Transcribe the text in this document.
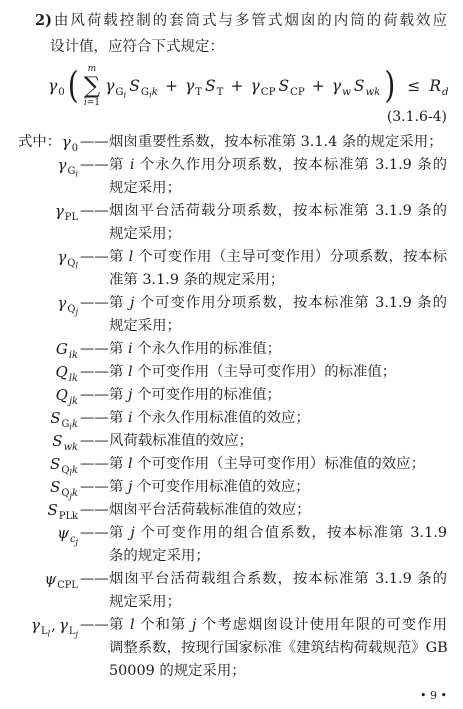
2)由风荷载控制的套筒式与多管式烟囱的内筒的荷载效应
设计值，应符合下式规定：
$\gamma_0$ ( m
∑
i=1
$\gamma_{G_i}$ $S_{G_ik} + \gamma_T$ $S_T + \gamma_{CP}$ $S_{CP} + \gamma_w$ $S_{wk}$ ) ≤ $R_d$
(3.1.6-4)
式中： $\gamma_0$ —— 烟囱重要性系数，按本标准第 3.1.4 条的规定采用；
$\gamma_{G_i}$
—— 第 i 个永久作用分项系数，按本标准第 3.1.9 条的
规定采用；
$\gamma_{PL}$ —— 烟囱平台活荷载分项系数，按本标准第 3.1.9 条的
规定采用；
$\gamma_{Q_l}$
—— 第 l 个可变作用（主导可变作用）分项系数，按本标
准第 3.1.9 条的规定采用；
$\gamma_{Q_j}$
—— 第 j 个可变作用分项系数，按本标准第 3.1.9 条的
规定采用；
$G_{ik}$ —— 第 i 个永久作用的标准值；
$Q_{lk}$ —— 第 l 个可变作用（主导可变作用）的标准值；
$Q_{jk}$ —— 第 j 个可变作用的标准值；
$S_{G_ik}$ —— 第 i 个永久作用标准值的效应；
$S_{wk}$ —— 风荷载标准值的效应；
$S_{Q_lk}$ —— 第 l 个可变作用（主导可变作用）标准值的效应；
$S_{Q_jk}$ —— 第 j 个可变作用标准值的效应；
$S_{PLk}$ —— 烟囱平台活荷载标准值的效应；
$\psi_{c_j}$
—— 第 j 个可变作用的组合值系数，按本标准第 3.1.9
条的规定采用；
$\psi_{CPL}$ —— 烟囱平台活荷载组合系数，按本标准第 3.1.9 条的
规定采用；
$\gamma_{L_l}$, $\gamma_{L_j}$
—— 第 l 个和第 j 个考虑烟囱设计使用年限的可变作用
调整系数，按现行国家标准《建筑结构荷载规范》GB
50009 的规定采用；
• 9 •
